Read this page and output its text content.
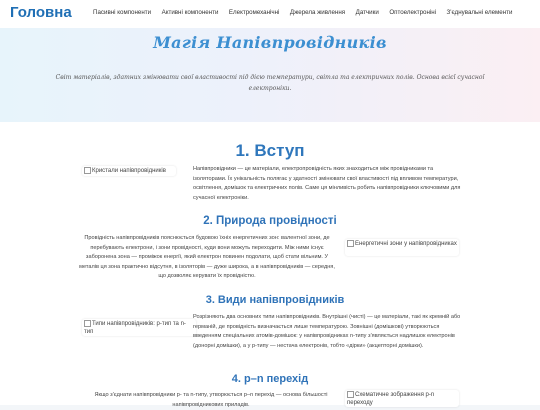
Головна	Пасивні компоненти Активні компоненти Електромеханічні Джерела живлення Датчики Оптоелектроніні З'єднувальні елементи
Магія Напівпровідників
Світ матеріалів, здатних змінювати свої властивості під дією температури, світла та електричних полів. Основа всієї сучасної електроніки.
1. Вступ
Кристали напівпровідників	Напівпровідники — це матеріали, електропровідність яких знаходиться між провідниками та ізоляторами. Їх унікальність полягає у здатності змінювати свої властивості під впливом температури, освітлення, домішок та електричних полів. Саме ця мінливість робить напівпровідники ключовими для сучасної електроніки.
2. Природа провідності
Провідність напівпровідників пояснюється будовою їхніх енергетичних зон: валентної зони, де перебувають електрони, і зони провідності, куди вони можуть переходити. Між ними існує заборонена зона — проміжок енергії, який електрон повинен подолати, щоб стати вільним. У металів ця зона практично відсутня, в ізоляторів — дуже широка, а в напівпровідників — середня, що дозволяє керувати їх провідністю.
Енергетичні зони у напівпровідниках
3. Види напівпровідників
Типи напівпровідників: p-тип та n-тип
Розрізняють два основних типи напівпровідників. Внутрішні (чисті) — це матеріали, такі як кремній або германій, де провідність визначається лише температурою. Зовнішні (домішкові) утворюються введенням спеціальних атомів-домішок: у напівпровідниках n-типу з'являється надлишок електронів (донорні домішки), а у p-типу — нестача електронів, тобто «дірки» (акцепторні домішки).
4. p–n перехід
Якщо з'єднати напівпровідники p- та n-типу, утворюється p–n перехід — основа більшості напівпровідникових приладів.
Схематичне зображення p-n переходу
